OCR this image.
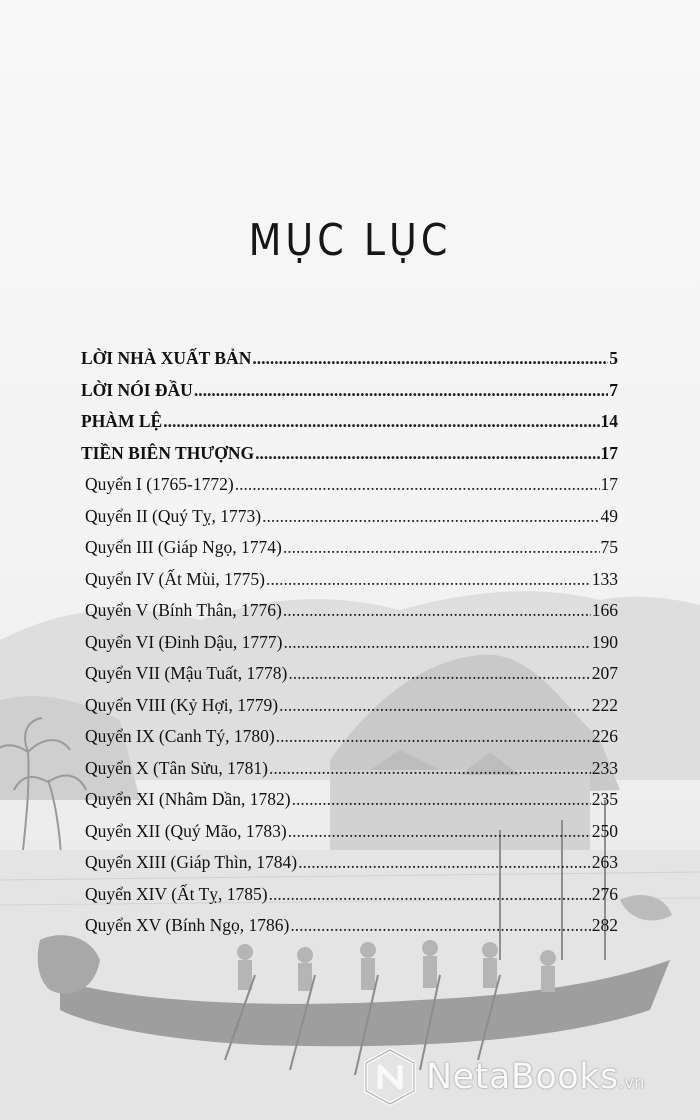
MỤC LỤC
LỜI NHÀ XUẤT BẢN .....	5
LỜI NÓI ĐẦU .....	7
PHÀM LỆ .....	14
TIỀN BIÊN THƯỢNG .....	17
Quyển I (1765-1772) .....	17
Quyển II (Quý Tỵ, 1773) .....	49
Quyển III (Giáp Ngọ, 1774) .....	75
Quyển IV (Ất Mùi, 1775) .....	133
Quyển V (Bính Thân, 1776) .....	166
Quyển VI (Đinh Dậu, 1777) .....	190
Quyển VII (Mậu Tuất, 1778) .....	207
Quyển VIII (Kỷ Hợi, 1779) .....	222
Quyển IX (Canh Tý, 1780) .....	226
Quyển X (Tân Sửu, 1781) .....	233
Quyển XI (Nhâm Dần, 1782) .....	235
Quyển XII (Quý Mão, 1783) .....	250
Quyển XIII (Giáp Thìn, 1784) .....	263
Quyển XIV (Ất Tỵ, 1785) .....	276
Quyển XV (Bính Ngọ, 1786) .....	282
NetaBooks.vn
